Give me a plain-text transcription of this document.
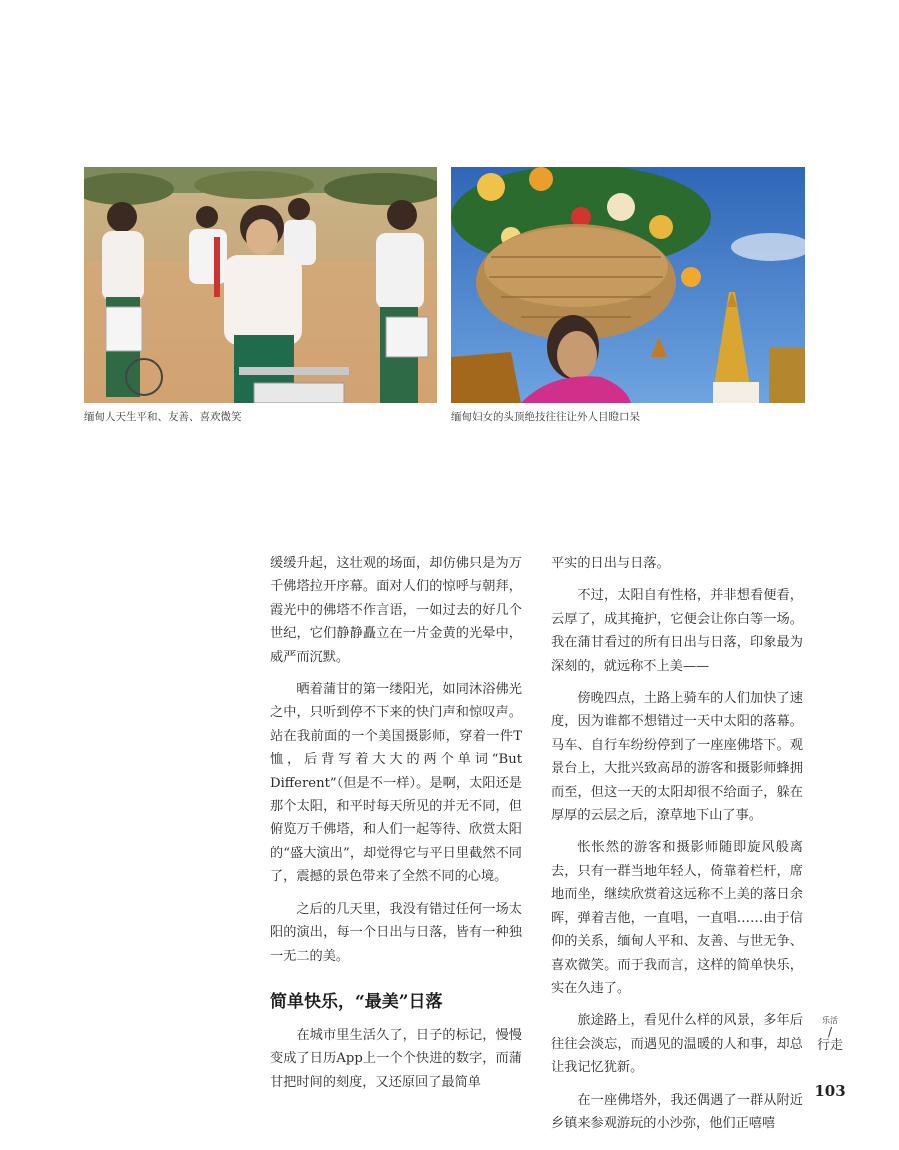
缅甸人天生平和、友善、喜欢微笑	缅甸妇女的头顶绝技往往让外人目瞪口呆

缓缓升起，这壮观的场面，却仿佛只是为万千佛塔拉开序幕。面对人们的惊呼与朝拜，霞光中的佛塔不作言语，一如过去的好几个世纪，它们静静矗立在一片金黄的光晕中，威严而沉默。

晒着蒲甘的第一缕阳光，如同沐浴佛光之中，只听到停不下来的快门声和惊叹声。站在我前面的一个美国摄影师，穿着一件T恤，后背写着大大的两个单词“But Different”（但是不一样）。是啊，太阳还是那个太阳，和平时每天所见的并无不同，但俯览万千佛塔，和人们一起等待、欣赏太阳的“盛大演出”，却觉得它与平日里截然不同了，震撼的景色带来了全然不同的心境。

之后的几天里，我没有错过任何一场太阳的演出，每一个日出与日落，皆有一种独一无二的美。

简单快乐，“最美”日落

在城市里生活久了，日子的标记，慢慢变成了日历App上一个个快进的数字，而蒲甘把时间的刻度，又还原回了最简单

平实的日出与日落。

不过，太阳自有性格，并非想看便看，云厚了，成其掩护，它便会让你白等一场。我在蒲甘看过的所有日出与日落，印象最为深刻的，就远称不上美——

傍晚四点，土路上骑车的人们加快了速度，因为谁都不想错过一天中太阳的落幕。马车、自行车纷纷停到了一座座佛塔下。观景台上，大批兴致高昂的游客和摄影师蜂拥而至，但这一天的太阳却很不给面子，躲在厚厚的云层之后，潦草地下山了事。

怅怅然的游客和摄影师随即旋风般离去，只有一群当地年轻人，倚靠着栏杆，席地而坐，继续欣赏着这远称不上美的落日余晖，弹着吉他，一直唱，一直唱……由于信仰的关系，缅甸人平和、友善、与世无争、喜欢微笑。而于我而言，这样的简单快乐，实在久违了。

旅途路上，看见什么样的风景，多年后往往会淡忘，而遇见的温暖的人和事，却总让我记忆犹新。

在一座佛塔外，我还偶遇了一群从附近乡镇来参观游玩的小沙弥，他们正嘻嘻

乐活
/
行走
103
